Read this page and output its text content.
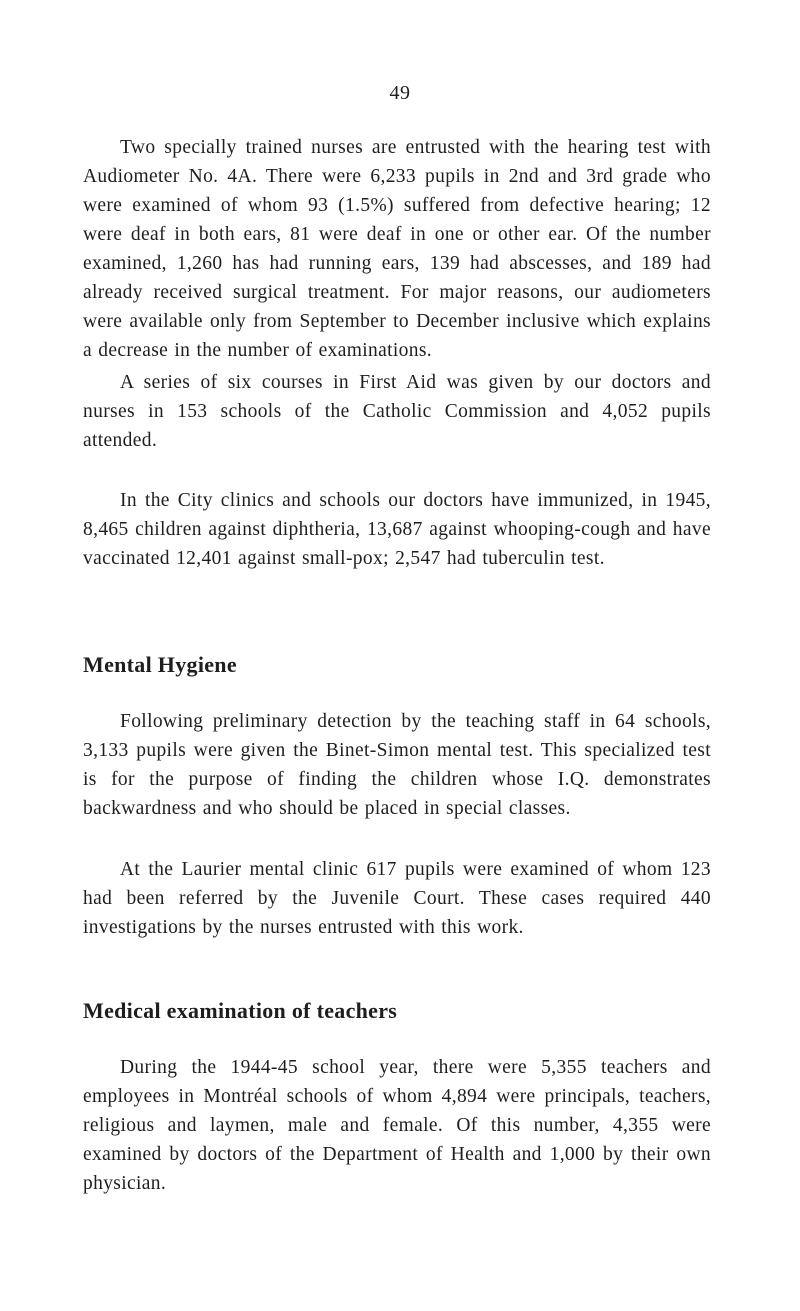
49

Two specially trained nurses are entrusted with the hearing test with Audiometer No. 4A. There were 6,233 pupils in 2nd and 3rd grade who were examined of whom 93 (1.5%) suffered from defective hearing; 12 were deaf in both ears, 81 were deaf in one or other ear. Of the number examined, 1,260 has had running ears, 139 had abscesses, and 189 had already received surgical treatment. For major reasons, our audiometers were available only from September to December inclusive which explains a decrease in the number of examinations.

A series of six courses in First Aid was given by our doctors and nurses in 153 schools of the Catholic Commission and 4,052 pupils attended.

In the City clinics and schools our doctors have immunized, in 1945, 8,465 children against diphtheria, 13,687 against whooping-cough and have vaccinated 12,401 against small-pox; 2,547 had tuberculin test.

Mental Hygiene

Following preliminary detection by the teaching staff in 64 schools, 3,133 pupils were given the Binet-Simon mental test. This specialized test is for the purpose of finding the children whose I.Q. demonstrates backwardness and who should be placed in special classes.

At the Laurier mental clinic 617 pupils were examined of whom 123 had been referred by the Juvenile Court. These cases required 440 investigations by the nurses entrusted with this work.

Medical examination of teachers

During the 1944-45 school year, there were 5,355 teachers and employees in Montréal schools of whom 4,894 were principals, teachers, religious and laymen, male and female. Of this number, 4,355 were examined by doctors of the Department of Health and 1,000 by their own physician.
